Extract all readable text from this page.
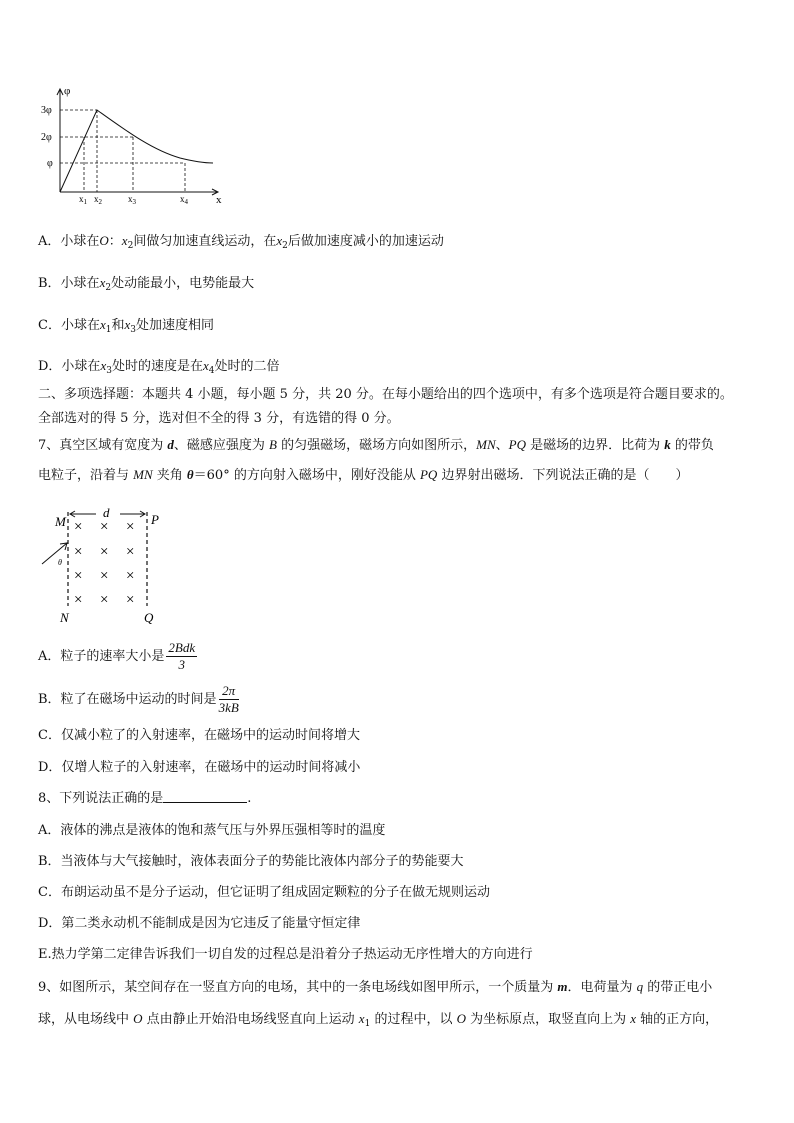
φ
x
3φ
2φ
φ
$x_1$ $x_2$	$x_3$	$x_4$
A．小球在O：$x_2$间做匀加速直线运动，在$x_2$后做加速度减小的加速运动
B．小球在$x_2$处动能最小，电势能最大
C．小球在$x_1$和$x_3$处加速度相同
D．小球在$x_3$处时的速度是在$x_4$处时的二倍
二、多项选择题：本题共 4 小题，每小题 5 分，共 20 分。在每小题给出的四个选项中，有多个选项是符合题目要求的。
全部选对的得 5 分，选对但不全的得 3 分，有选错的得 0 分。
7、真空区域有宽度为 d、磁感应强度为 B 的匀强磁场，磁场方向如图所示，MN、PQ 是磁场的边界．比荷为 k 的带负
电粒子，沿着与 MN 夹角 θ＝60° 的方向射入磁场中，刚好没能从 PQ 边界射出磁场．下列说法正确的是（　　）
d
M	P
N	Q
θ
× × ×
× × ×
× × ×
× × ×
A．粒子的速率大小是 $\frac{\text{2Bdk}}{3}$
B．粒了在磁场中运动的时间是 $\frac{2\pi}{3kB}$
C．仅减小粒了的入射速率，在磁场中的运动时间将增大
D．仅增人粒子的入射速率，在磁场中的运动时间将减小
8、下列说法正确的是	.
A．液体的沸点是液体的饱和蒸气压与外界压强相等时的温度
B．当液体与大气接触时，液体表面分子的势能比液体内部分子的势能要大
C．布朗运动虽不是分子运动，但它证明了组成固定颗粒的分子在做无规则运动
D．第二类永动机不能制成是因为它违反了能量守恒定律
E.热力学第二定律告诉我们一切自发的过程总是沿着分子热运动无序性增大的方向进行
9、如图所示，某空间存在一竖直方向的电场，其中的一条电场线如图甲所示，一个质量为 m．电荷量为 q 的带正电小
球，从电场线中 O 点由静止开始沿电场线竖直向上运动 $x_1$ 的过程中，以 O 为坐标原点，取竖直向上为 x 轴的正方向，
